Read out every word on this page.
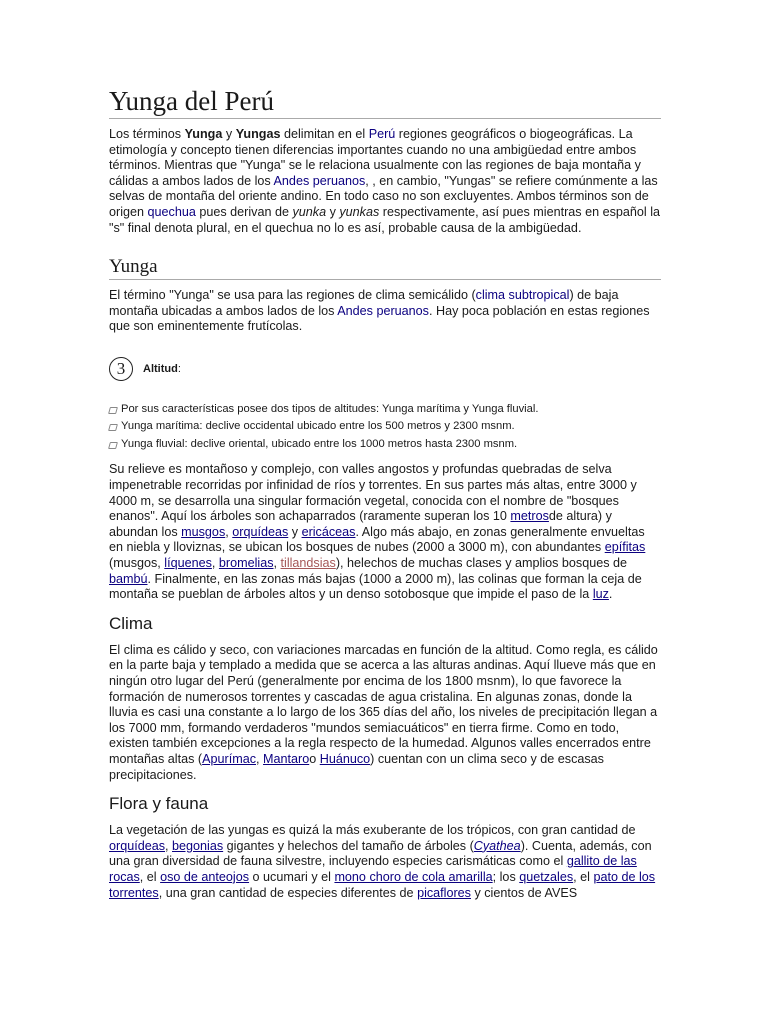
Yunga del Perú

Los términos Yunga y Yungas delimitan en el Perú regiones geográficos o biogeográficas. La etimología y concepto tienen diferencias importantes cuando no una ambigüedad entre ambos términos. Mientras que "Yunga" se le relaciona usualmente con las regiones de baja montaña y cálidas a ambos lados de los Andes peruanos, , en cambio, "Yungas" se refiere comúnmente a las selvas de montaña del oriente andino. En todo caso no son excluyentes. Ambos términos son de origen quechua pues derivan de yunka y yunkas respectivamente, así pues mientras en español la "s" final denota plural, en el quechua no lo es así, probable causa de la ambigüedad.

Yunga

El término "Yunga" se usa para las regiones de clima semicálido (clima subtropical) de baja montaña ubicadas a ambos lados de los Andes peruanos. Hay poca población en estas regiones que son eminentemente frutícolas.

3	Altitud:
Por sus características posee dos tipos de altitudes: Yunga marítima y Yunga fluvial.
Yunga marítima: declive occidental ubicado entre los 500 metros y 2300 msnm.
Yunga fluvial: declive oriental, ubicado entre los 1000 metros hasta 2300 msnm.

Su relieve es montañoso y complejo, con valles angostos y profundas quebradas de selva impenetrable recorridas por infinidad de ríos y torrentes. En sus partes más altas, entre 3000 y 4000 m, se desarrolla una singular formación vegetal, conocida con el nombre de "bosques enanos". Aquí los árboles son achaparrados (raramente superan los 10 metrosde altura) y abundan los musgos, orquídeas y ericáceas. Algo más abajo, en zonas generalmente envueltas en niebla y lloviznas, se ubican los bosques de nubes (2000 a 3000 m), con abundantes epífitas (musgos, líquenes, bromelias, tillandsias), helechos de muchas clases y amplios bosques de bambú. Finalmente, en las zonas más bajas (1000 a 2000 m), las colinas que forman la ceja de montaña se pueblan de árboles altos y un denso sotobosque que impide el paso de la luz.

Clima

El clima es cálido y seco, con variaciones marcadas en función de la altitud. Como regla, es cálido en la parte baja y templado a medida que se acerca a las alturas andinas. Aquí llueve más que en ningún otro lugar del Perú (generalmente por encima de los 1800 msnm), lo que favorece la formación de numerosos torrentes y cascadas de agua cristalina. En algunas zonas, donde la lluvia es casi una constante a lo largo de los 365 días del año, los niveles de precipitación llegan a los 7000 mm, formando verdaderos "mundos semiacuáticos" en tierra firme. Como en todo, existen también excepciones a la regla respecto de la humedad. Algunos valles encerrados entre montañas altas (Apurímac, Mantaroo Huánuco) cuentan con un clima seco y de escasas precipitaciones.

Flora y fauna

La vegetación de las yungas es quizá la más exuberante de los trópicos, con gran cantidad de orquídeas, begonias gigantes y helechos del tamaño de árboles (Cyathea). Cuenta, además, con una gran diversidad de fauna silvestre, incluyendo especies carismáticas como el gallito de las rocas, el oso de anteojos o ucumari y el mono choro de cola amarilla; los quetzales, el pato de los torrentes, una gran cantidad de especies diferentes de picaflores y cientos de AVES
